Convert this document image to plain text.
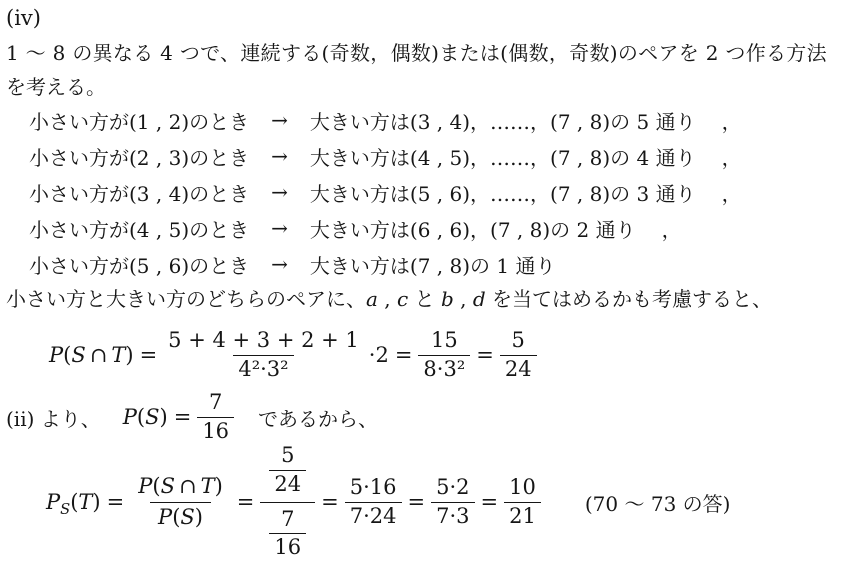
(iv)
1 〜 8 の異なる 4 つで、連続する(奇数，偶数)または(偶数，奇数)のペアを 2 つ作る方法
を考える。
小さい方が(1 , 2)のとき → 大きい方は(3 , 4)，……，(7 , 8)の 5 通り ，
小さい方が(2 , 3)のとき → 大きい方は(4 , 5)，……，(7 , 8)の 4 通り ，
小さい方が(3 , 4)のとき → 大きい方は(5 , 6)，……，(7 , 8)の 3 通り ，
小さい方が(4 , 5)のとき → 大きい方は(6 , 6)，(7 , 8)の 2 通り ，
小さい方が(5 , 6)のとき → 大きい方は(7 , 8)の 1 通り
小さい方と大きい方のどちらのペアに、a , c と b , d を当てはめるかも考慮すると、
P(S ∩ $T) = \frac{5 + 4 + 3 + 2 + 1}{\text{4²·3²}} \cdot 2 = \frac{15}{\text{8·3²}} = \frac{5}{24}$
(ii) より、 $P(S) = \frac{7}{16}$ であるから、
$P_S(T) = \frac{P(S \cap T)}{P(S)} = \frac{\frac{5}{24}}{\frac{7}{16}} = \frac{5\cdot 16}{7\cdot 24} = \frac{5\cdot 2}{7\cdot 3} = \frac{10}{21} (70$ 〜 73 の答)
